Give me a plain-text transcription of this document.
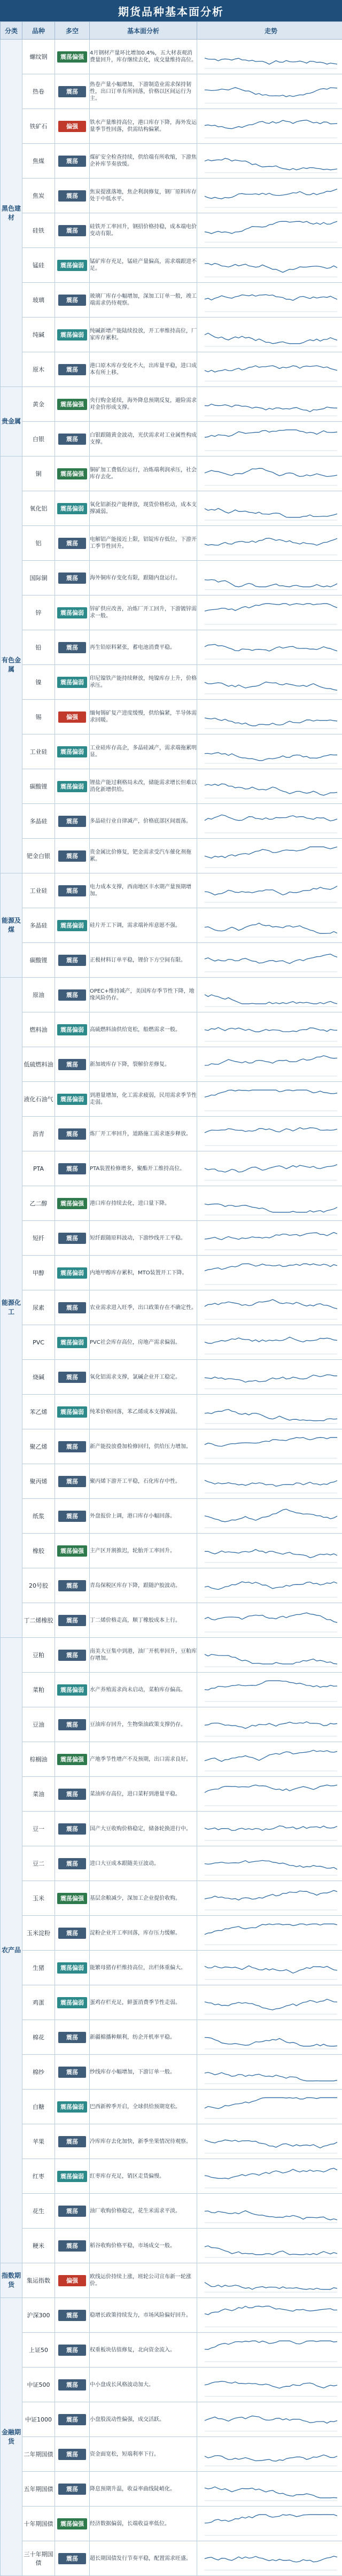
期货品种基本面分析
分类	品种	多空	基本面分析	走势
黑色建材	螺纹钢	震荡偏强	4月钢材产量环比增加0.4%，五大材表观消费量回升，库存继续去化，成交量维持高位。

	热卷	震荡	热卷产量小幅增加，下游制造业需求保持韧性，出口订单有所回落，价格以区间运行为主。

	铁矿石	偏强	铁水产量维持高位，港口库存下降，海外发运量季节性回落，供需结构偏紧。

	焦煤	震荡	煤矿安全检查持续，供给端有所收缩，下游焦企补库节奏放缓。

	焦炭	震荡	焦炭提涨落地，焦企利润修复，钢厂原料库存处于中低水平。

	硅铁	震荡	硅铁开工率回升，钢招价格持稳，成本端电价变动有限。

	锰硅	震荡偏弱	锰矿库存充足，锰硅产量偏高，需求端跟进不足。

	玻璃	震荡	玻璃厂库存小幅增加，深加工订单一般，竣工端需求仍待观察。

	纯碱	震荡偏弱	纯碱新增产能陆续投放，开工率维持高位，厂家库存累积。

	原木	震荡	港口原木库存变化不大，出库量平稳，进口成本有所上移。

贵金属	黄金	震荡偏强	央行购金延续，海外降息预期反复，避险需求对金价形成支撑。

	白银	震荡	白银跟随黄金波动，光伏需求对工业属性构成支撑。

有色金属	铜	震荡偏强	铜矿加工费低位运行，冶炼端利润承压，社会库存去化。

	氧化铝	震荡偏弱	氧化铝新投产能释放，现货价格松动，成本支撑减弱。

	铝	震荡	电解铝产能接近上限，铝锭库存低位，下游开工季节性回升。

	国际铜	震荡	海外铜库存变化有限，跟随内盘运行。

	锌	震荡偏弱	锌矿供应改善，冶炼厂开工回升，下游镀锌需求一般。

	铅	震荡	再生铅原料紧张，蓄电池消费平稳。

	镍	震荡偏弱	印尼镍铁产能持续释放，纯镍库存上升，价格承压。

	锡	偏强	缅甸锡矿复产进度缓慢，供给偏紧，半导体需求回暖。

	工业硅	震荡偏弱	工业硅库存高企，多晶硅减产，需求端拖累明显。

	碳酸锂	震荡偏弱	锂盐产能过剩格局未改，储能需求增长但难以消化新增供给。

	多晶硅	震荡	多晶硅行业自律减产，价格底部区间震荡。

	钯金白银	震荡	贵金属比价修复，钯金需求受汽车催化剂拖累。

能源及煤	工业硅	震荡	电力成本支撑，西南地区丰水期产量预期增加。

	多晶硅	震荡偏弱	硅片开工下调，需求端补库意愿不强。

	碳酸锂	震荡	正极材料订单平稳，锂价下方空间有限。

能源化工	原油	震荡	OPEC+维持减产，美国库存季节性下降，地缘风险仍存。

	燃料油	震荡偏弱	高硫燃料油供给宽松，船燃需求一般。

	低硫燃料油	震荡	新加坡库存下降，裂解价差修复。

	液化石油气	震荡偏弱	到港量增加，化工需求疲弱，民用需求季节性走弱。

	沥青	震荡	炼厂开工率回升，道路施工需求逐步释放。

	PTA	震荡	PTA装置检修增多，聚酯开工维持高位。

	乙二醇	震荡偏强	港口库存持续去化，进口量下降。

	短纤	震荡	短纤跟随原料波动，下游纱线开工平稳。

	甲醇	震荡偏弱	内地甲醇库存累积，MTO装置开工下降。

	尿素	震荡	农业需求进入旺季，出口政策存在不确定性。

	PVC	震荡偏弱	PVC社会库存高位，房地产需求偏弱。

	烧碱	震荡	氧化铝需求支撑，氯碱企业开工稳定。

	苯乙烯	震荡偏弱	纯苯价格回落，苯乙烯成本支撑减弱。

	聚乙烯	震荡	新产能投放叠加检修回归，供给压力增加。

	聚丙烯	震荡	聚丙烯下游开工平稳，石化库存中性。

	纸浆	震荡	外盘报价上调，港口库存小幅回落。

	橡胶	震荡偏强	主产区开割推迟，轮胎开工率回升。

	20号胶	震荡	青岛保税区库存下降，跟随沪胶波动。

	丁二烯橡胶	震荡	丁二烯价格走高，顺丁橡胶成本上行。

农产品	豆粕	震荡	南美大豆集中到港，油厂开机率回升，豆粕库存增加。

	菜粕	震荡偏弱	水产养殖需求尚未启动，菜粕库存偏高。

	豆油	震荡	豆油库存回升，生物柴油政策支撑仍存。

	棕榈油	震荡偏强	产地季节性增产不及预期，出口需求良好。

	菜油	震荡	菜油库存高位，进口菜籽到港量平稳。

	豆一	震荡	国产大豆收购价格稳定，储备轮换进行中。

	豆二	震荡	进口大豆成本跟随美豆波动。

	玉米	震荡偏强	基层余粮减少，深加工企业提价收购。

	玉米淀粉	震荡	淀粉企业开工率回落，库存压力缓解。

	生猪	震荡偏弱	能繁母猪存栏维持高位，出栏体重偏大。

	鸡蛋	震荡偏弱	蛋鸡存栏充足，鲜蛋消费季节性走弱。

	棉花	震荡	新疆棉播种顺利，纺企开机率平稳。

	棉纱	震荡	纱线库存小幅增加，下游订单一般。

	白糖	震荡偏弱	巴西新榨季开启，全球供给预期宽松。

	苹果	震荡	冷库库存去化加快，新季坐果情况待观察。

	红枣	震荡偏弱	红枣库存充足，销区走货偏慢。

	花生	震荡	油厂收购价格稳定，花生米需求平淡。

	粳米	震荡	稻谷收购价格平稳，市场成交一般。

指数期货	集运指数	偏强	欧线运价持续上涨，班轮公司宣布新一轮涨价。

金融期货	沪深300	震荡	稳增长政策持续发力，市场风险偏好回升。

	上证50	震荡	权重板块估值修复，北向资金流入。

	中证500	震荡	中小盘成长风格波动加大。

	中证1000	震荡	小盘股流动性偏强，成交活跃。

	二年期国债	震荡	资金面宽松，短端利率下行。

	五年期国债	震荡	降息预期升温，收益率曲线陡峭化。

	十年期国债	震荡偏强	经济数据偏弱，长端收益率低位。

	三十年期国债	震荡	超长期国债发行节奏平稳，配置需求旺盛。
